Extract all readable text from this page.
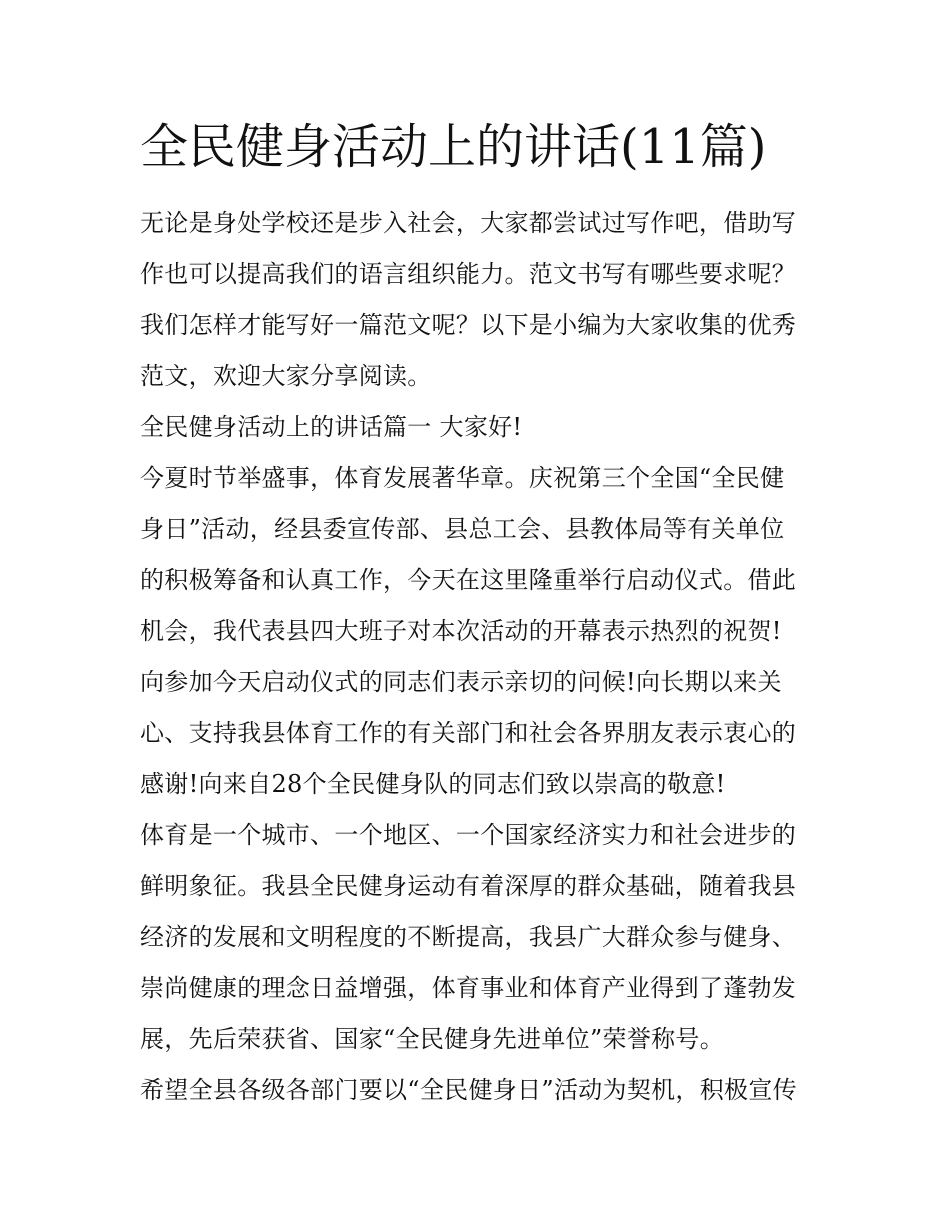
全民健身活动上的讲话(11篇)
无论是身处学校还是步入社会，大家都尝试过写作吧，借助写
作也可以提高我们的语言组织能力。范文书写有哪些要求呢？
我们怎样才能写好一篇范文呢？以下是小编为大家收集的优秀
范文，欢迎大家分享阅读。
全民健身活动上的讲话篇一 大家好!
今夏时节举盛事，体育发展著华章。庆祝第三个全国“全民健
身日”活动，经县委宣传部、县总工会、县教体局等有关单位
的积极筹备和认真工作，今天在这里隆重举行启动仪式。借此
机会，我代表县四大班子对本次活动的开幕表示热烈的祝贺!
向参加今天启动仪式的同志们表示亲切的问候!向长期以来关
心、支持我县体育工作的有关部门和社会各界朋友表示衷心的
感谢!向来自28个全民健身队的同志们致以崇高的敬意!
体育是一个城市、一个地区、一个国家经济实力和社会进步的
鲜明象征。我县全民健身运动有着深厚的群众基础，随着我县
经济的发展和文明程度的不断提高，我县广大群众参与健身、
崇尚健康的理念日益增强，体育事业和体育产业得到了蓬勃发
展，先后荣获省、国家“全民健身先进单位”荣誉称号。
希望全县各级各部门要以“全民健身日”活动为契机，积极宣传
